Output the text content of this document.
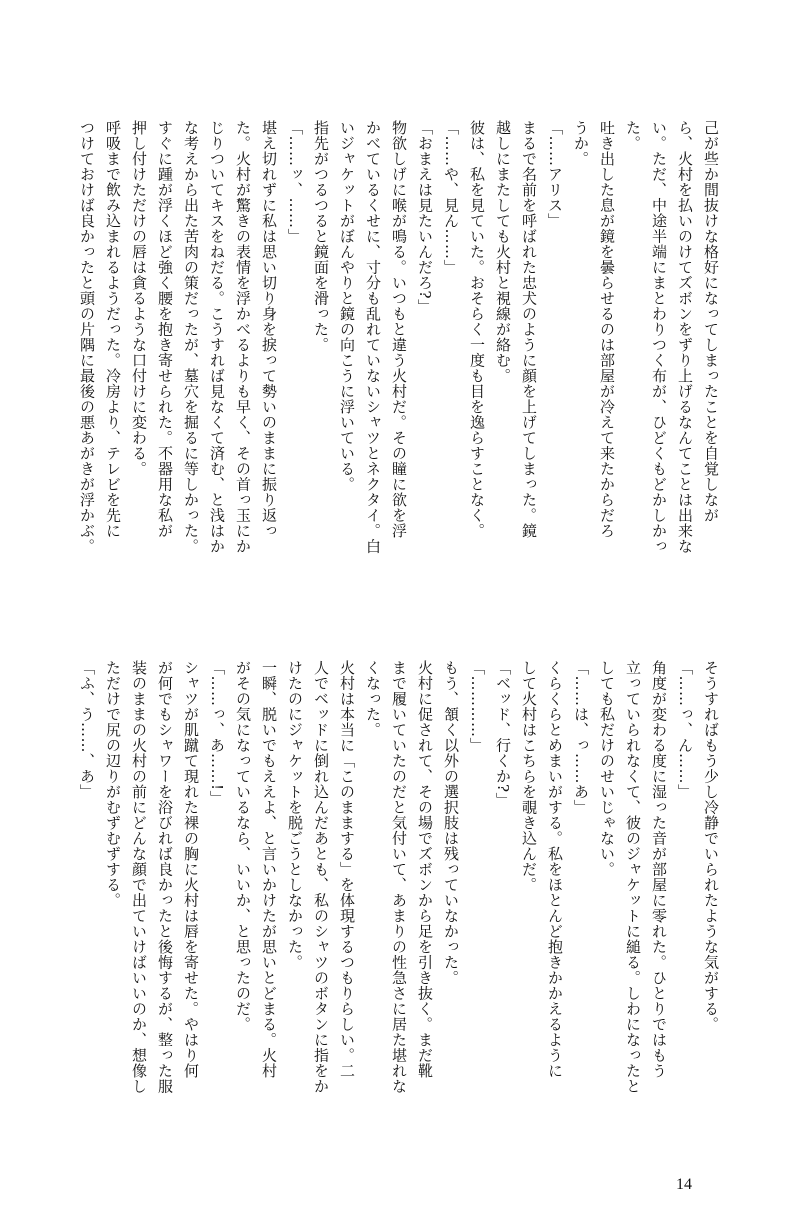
己が些か間抜けな格好になってしまったことを自覚しなが

ら、火村を払いのけてズボンをずり上げるなんてことは出来な

い。ただ、中途半端にまとわりつく布が、ひどくもどかしかっ

た。

吐き出した息が鏡を曇らせるのは部屋が冷えて来たからだろ

うか。

「……アリス」

まるで名前を呼ばれた忠犬のように顔を上げてしまった。鏡

越しにまたしても火村と視線が絡む。

彼は、私を見ていた。おそらく一度も目を逸らすことなく。

「……や、見ん……」

「おまえは見たいんだろ?」

物欲しげに喉が鳴る。いつもと違う火村だ。その瞳に欲を浮

かべているくせに、寸分も乱れていないシャツとネクタイ。白

いジャケットがぼんやりと鏡の向こうに浮いている。

指先がつるつると鏡面を滑った。

「……ッ、……」

堪え切れずに私は思い切り身を捩って勢いのままに振り返っ

た。火村が驚きの表情を浮かべるよりも早く、その首っ玉にか

じりついてキスをねだる。こうすれば見なくて済む、と浅はか

な考えから出た苦肉の策だったが、墓穴を掘るに等しかった。

すぐに踵が浮くほど強く腰を抱き寄せられた。不器用な私が

押し付けただけの唇は貪るような口付けに変わる。

呼吸まで飲み込まれるようだった。冷房より、テレビを先に

つけておけば良かったと頭の片隅に最後の悪あがきが浮かぶ。

そうすればもう少し冷静でいられたような気がする。

「……っ、ん……」

角度が変わる度に湿った音が部屋に零れた。ひとりではもう

立っていられなくて、彼のジャケットに縋る。しわになったと

しても私だけのせいじゃない。

「……は、っ……あ」

くらくらとめまいがする。私をほとんど抱きかかえるように

して火村はこちらを覗き込んだ。

「ベッド、行くか?」

「…………」

もう、頷く以外の選択肢は残っていなかった。

火村に促されて、その場でズボンから足を引き抜く。まだ靴

まで履いていたのだと気付いて、あまりの性急さに居た堪れな

くなった。

火村は本当に「このままする」を体現するつもりらしい。二

人でベッドに倒れ込んだあとも、私のシャツのボタンに指をか

けたのにジャケットを脱ごうとしなかった。

一瞬、脱いでもええよ、と言いかけたが思いとどまる。火村

がその気になっているなら、いいか、と思ったのだ。

「……っ、あ……!」

シャツが肌蹴て現れた裸の胸に火村は唇を寄せた。やはり何

が何でもシャワーを浴びれば良かったと後悔するが、整った服

装のままの火村の前にどんな顔で出ていけばいいのか、想像し

ただけで尻の辺りがむずむずする。

「ふ、う……、あ」

14
